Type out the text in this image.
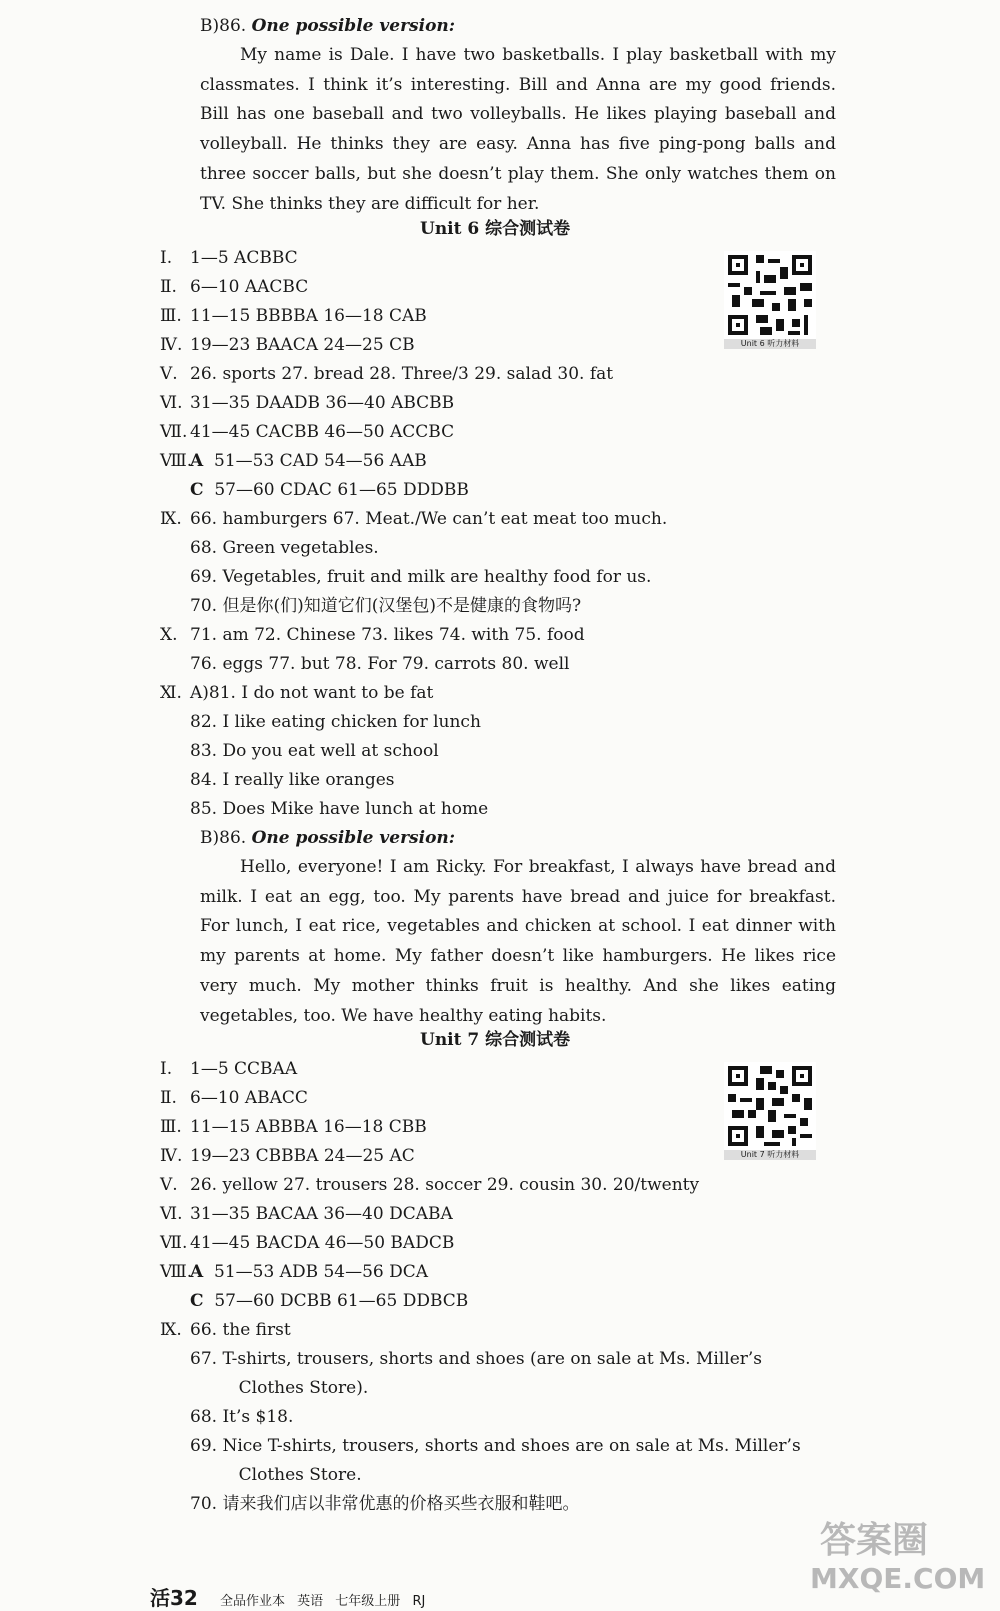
B)86. One possible version:

My name is Dale. I have two basketballs. I play basketball with my classmates. I think it’s interesting. Bill and Anna are my good friends. Bill has one baseball and two volleyballs. He likes playing baseball and volleyball. He thinks they are easy. Anna has five ping-pong balls and three soccer balls, but she doesn’t play them. She only watches them on TV. She thinks they are difficult for her.

Unit 6 综合测试卷
Unit 6 听力材料
Ⅰ. 1—5 ACBBC
Ⅱ. 6—10 AACBC
Ⅲ. 11—15 BBBBA 16—18 CAB
Ⅳ. 19—23 BAACA 24—25 CB
Ⅴ. 26. sports 27. bread 28. Three/3 29. salad 30. fat
Ⅵ. 31—35 DAADB 36—40 ABCBB
Ⅶ. 41—45 CACBB 46—50 ACCBC
Ⅷ.A 51—53 CAD 54—56 AAB
C 57—60 CDAC 61—65 DDDBB
Ⅸ. 66. hamburgers 67. Meat./We can’t eat meat too much.
68. Green vegetables.
69. Vegetables, fruit and milk are healthy food for us.
70. 但是你(们)知道它们(汉堡包)不是健康的食物吗?
Ⅹ. 71. am 72. Chinese 73. likes 74. with 75. food
76. eggs 77. but 78. For 79. carrots 80. well
Ⅺ. A)81. I do not want to be fat
82. I like eating chicken for lunch
83. Do you eat well at school
84. I really like oranges
85. Does Mike have lunch at home
B)86. One possible version:

Hello, everyone! I am Ricky. For breakfast, I always have bread and milk. I eat an egg, too. My parents have bread and juice for breakfast. For lunch, I eat rice, vegetables and chicken at school. I eat dinner with my parents at home. My father doesn’t like hamburgers. He likes rice very much. My mother thinks fruit is healthy. And she likes eating vegetables, too. We have healthy eating habits.

Unit 7 综合测试卷
Unit 7 听力材料
Ⅰ. 1—5 CCBAA
Ⅱ. 6—10 ABACC
Ⅲ. 11—15 ABBBA 16—18 CBB
Ⅳ. 19—23 CBBBA 24—25 AC
Ⅴ. 26. yellow 27. trousers 28. soccer 29. cousin 30. 20/twenty
Ⅵ. 31—35 BACAA 36—40 DCABA
Ⅶ. 41—45 BACDA 46—50 BADCB
Ⅷ.A 51—53 ADB 54—56 DCA
C 57—60 DCBB 61—65 DDBCB
Ⅸ. 66. the first
67. T-shirts, trousers, shorts and shoes (are on sale at Ms. Miller’s
Clothes Store).
68. It’s $18.
69. Nice T-shirts, trousers, shorts and shoes are on sale at Ms. Miller’s
Clothes Store.
70. 请来我们店以非常优惠的价格买些衣服和鞋吧。
活32 全品作业本 英语 七年级上册 RJ
答案圈
MXQE.COM
